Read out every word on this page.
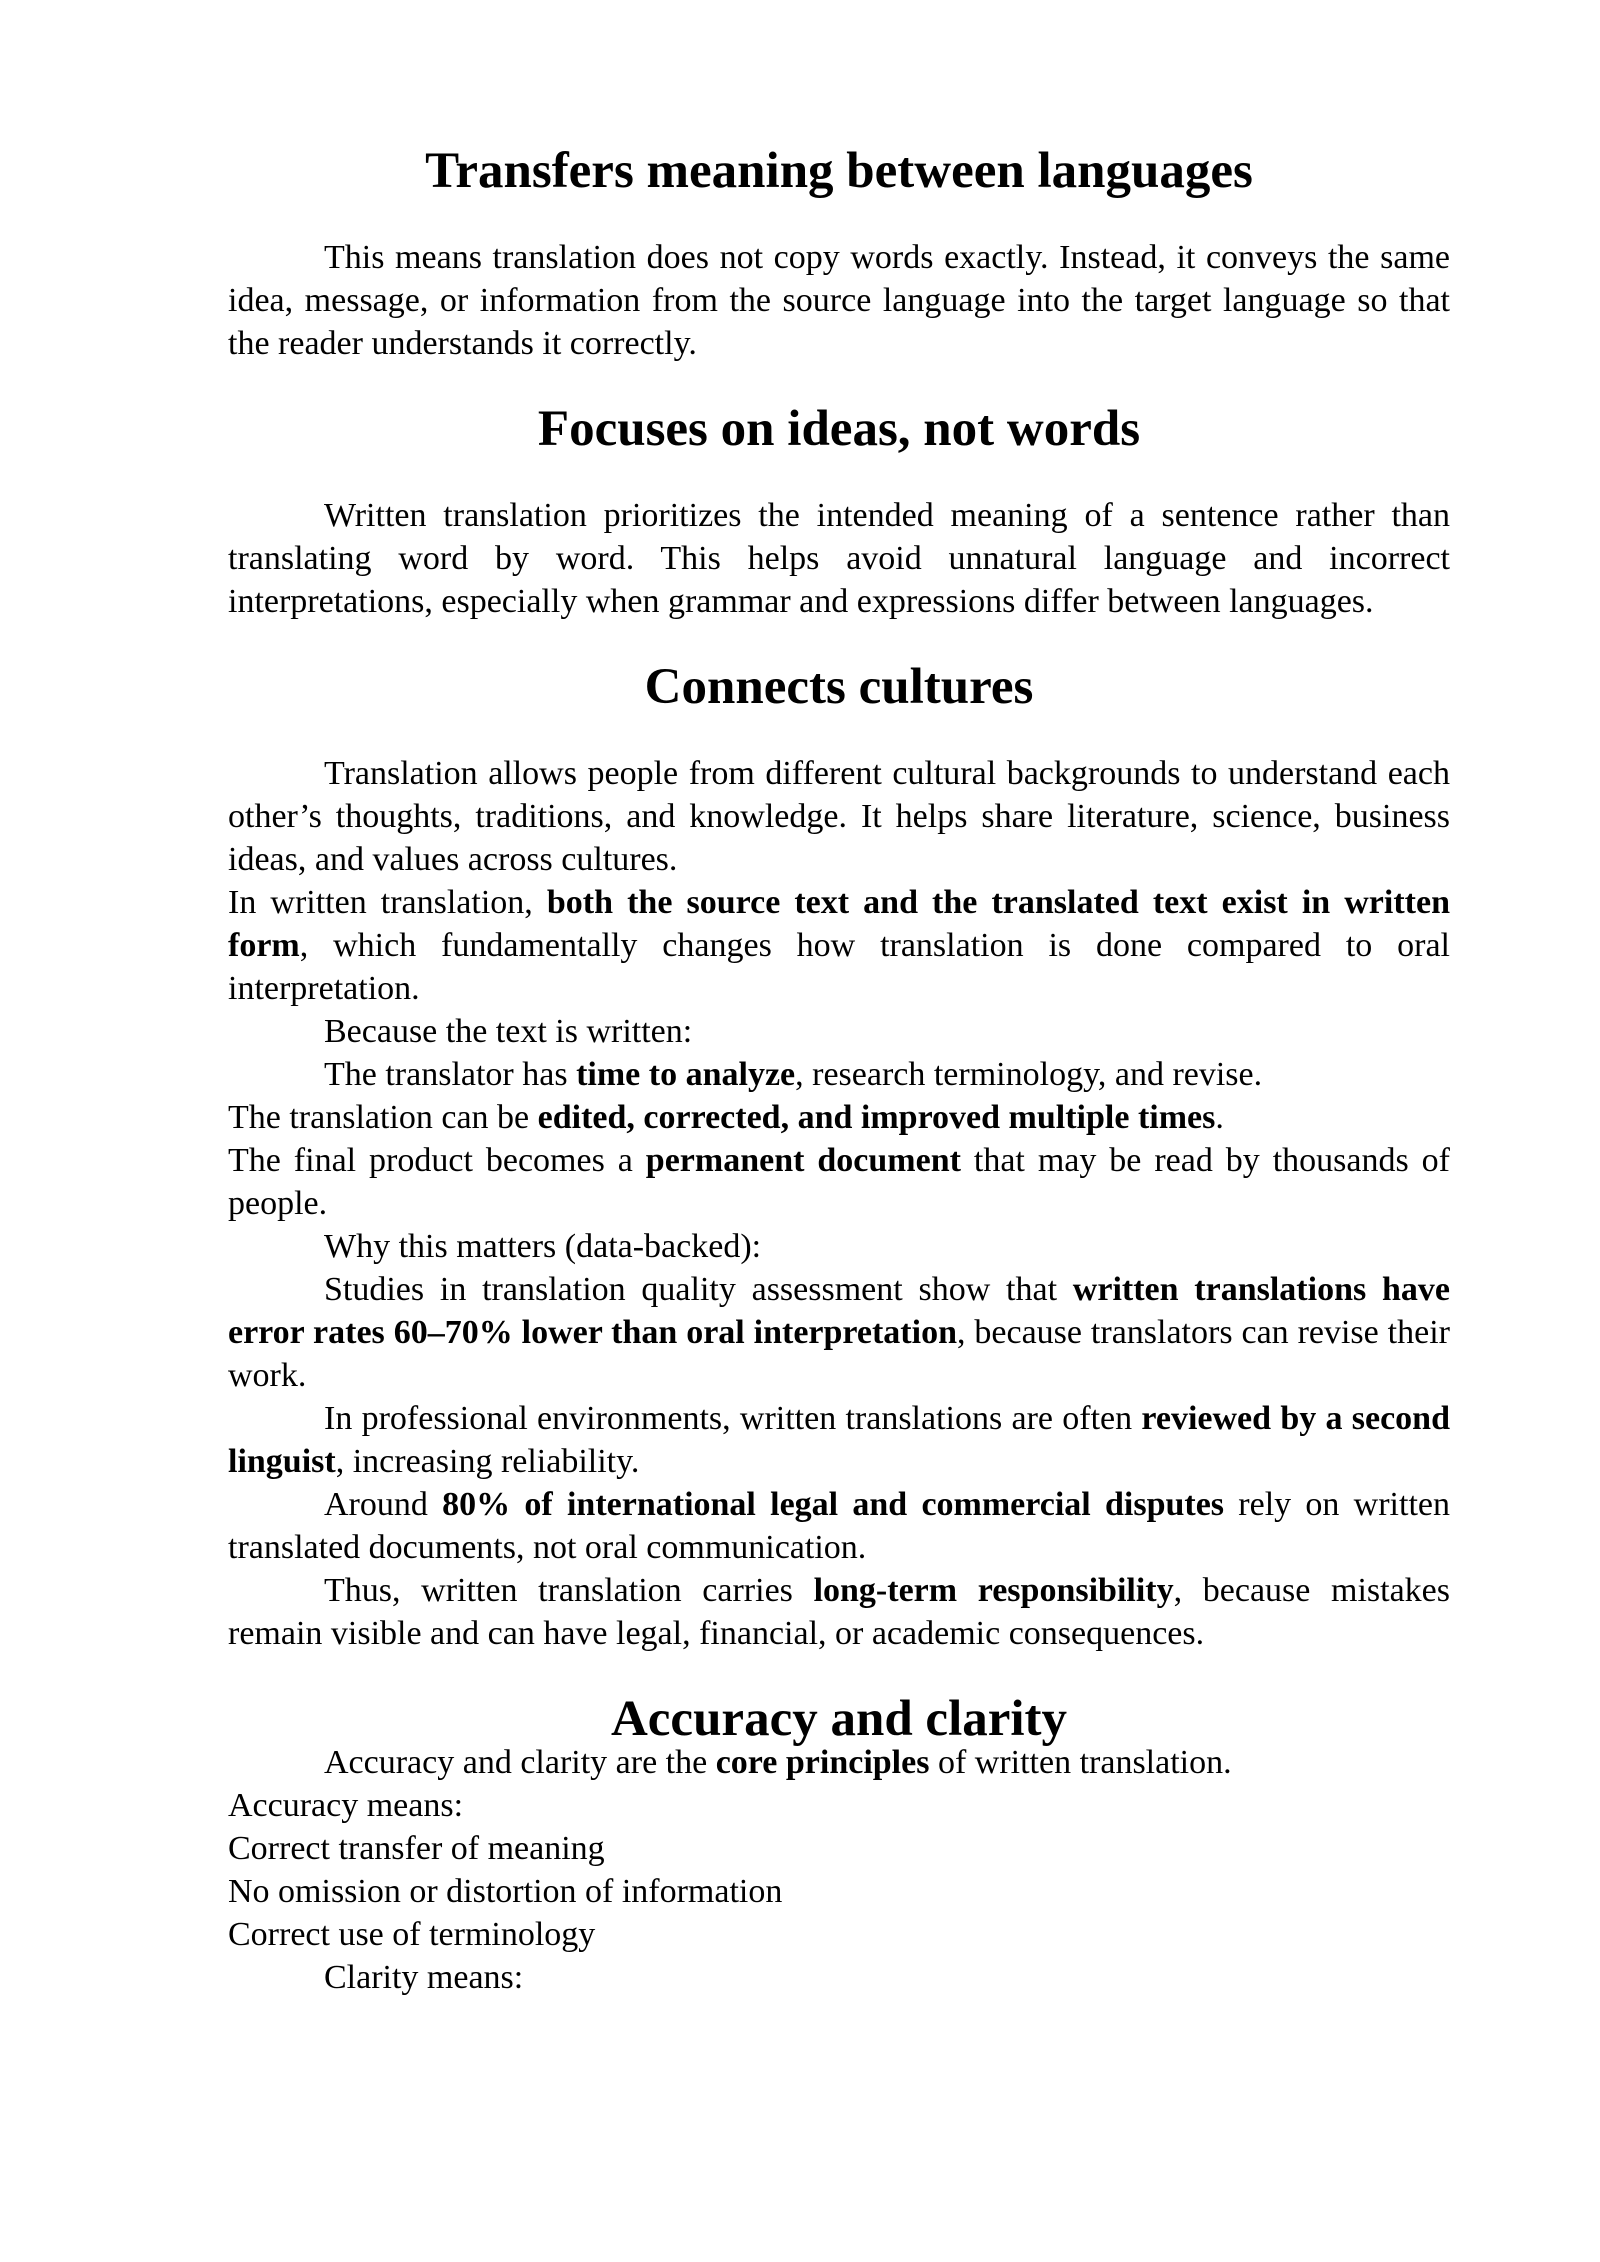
Transfers meaning between languages

This means translation does not copy words exactly. Instead, it conveys the same idea, message, or information from the source language into the target language so that the reader understands it correctly.

Focuses on ideas, not words

Written translation prioritizes the intended meaning of a sentence rather than translating word by word. This helps avoid unnatural language and incorrect interpretations, especially when grammar and expressions differ between languages.

Connects cultures

Translation allows people from different cultural backgrounds to understand each other’s thoughts, traditions, and knowledge. It helps share literature, science, business ideas, and values across cultures.

In written translation, both the source text and the translated text exist in written form, which fundamentally changes how translation is done compared to oral interpretation.

Because the text is written:

The translator has time to analyze, research terminology, and revise.

The translation can be edited, corrected, and improved multiple times.

The final product becomes a permanent document that may be read by thousands of people.

Why this matters (data-backed):

Studies in translation quality assessment show that written translations have error rates 60–70% lower than oral interpretation, because translators can revise their work.

In professional environments, written translations are often reviewed by a second linguist, increasing reliability.

Around 80% of international legal and commercial disputes rely on written translated documents, not oral communication.

Thus, written translation carries long-term responsibility, because mistakes remain visible and can have legal, financial, or academic consequences.

Accuracy and clarity

Accuracy and clarity are the core principles of written translation.

Accuracy means:

Correct transfer of meaning

No omission or distortion of information

Correct use of terminology

Clarity means:
